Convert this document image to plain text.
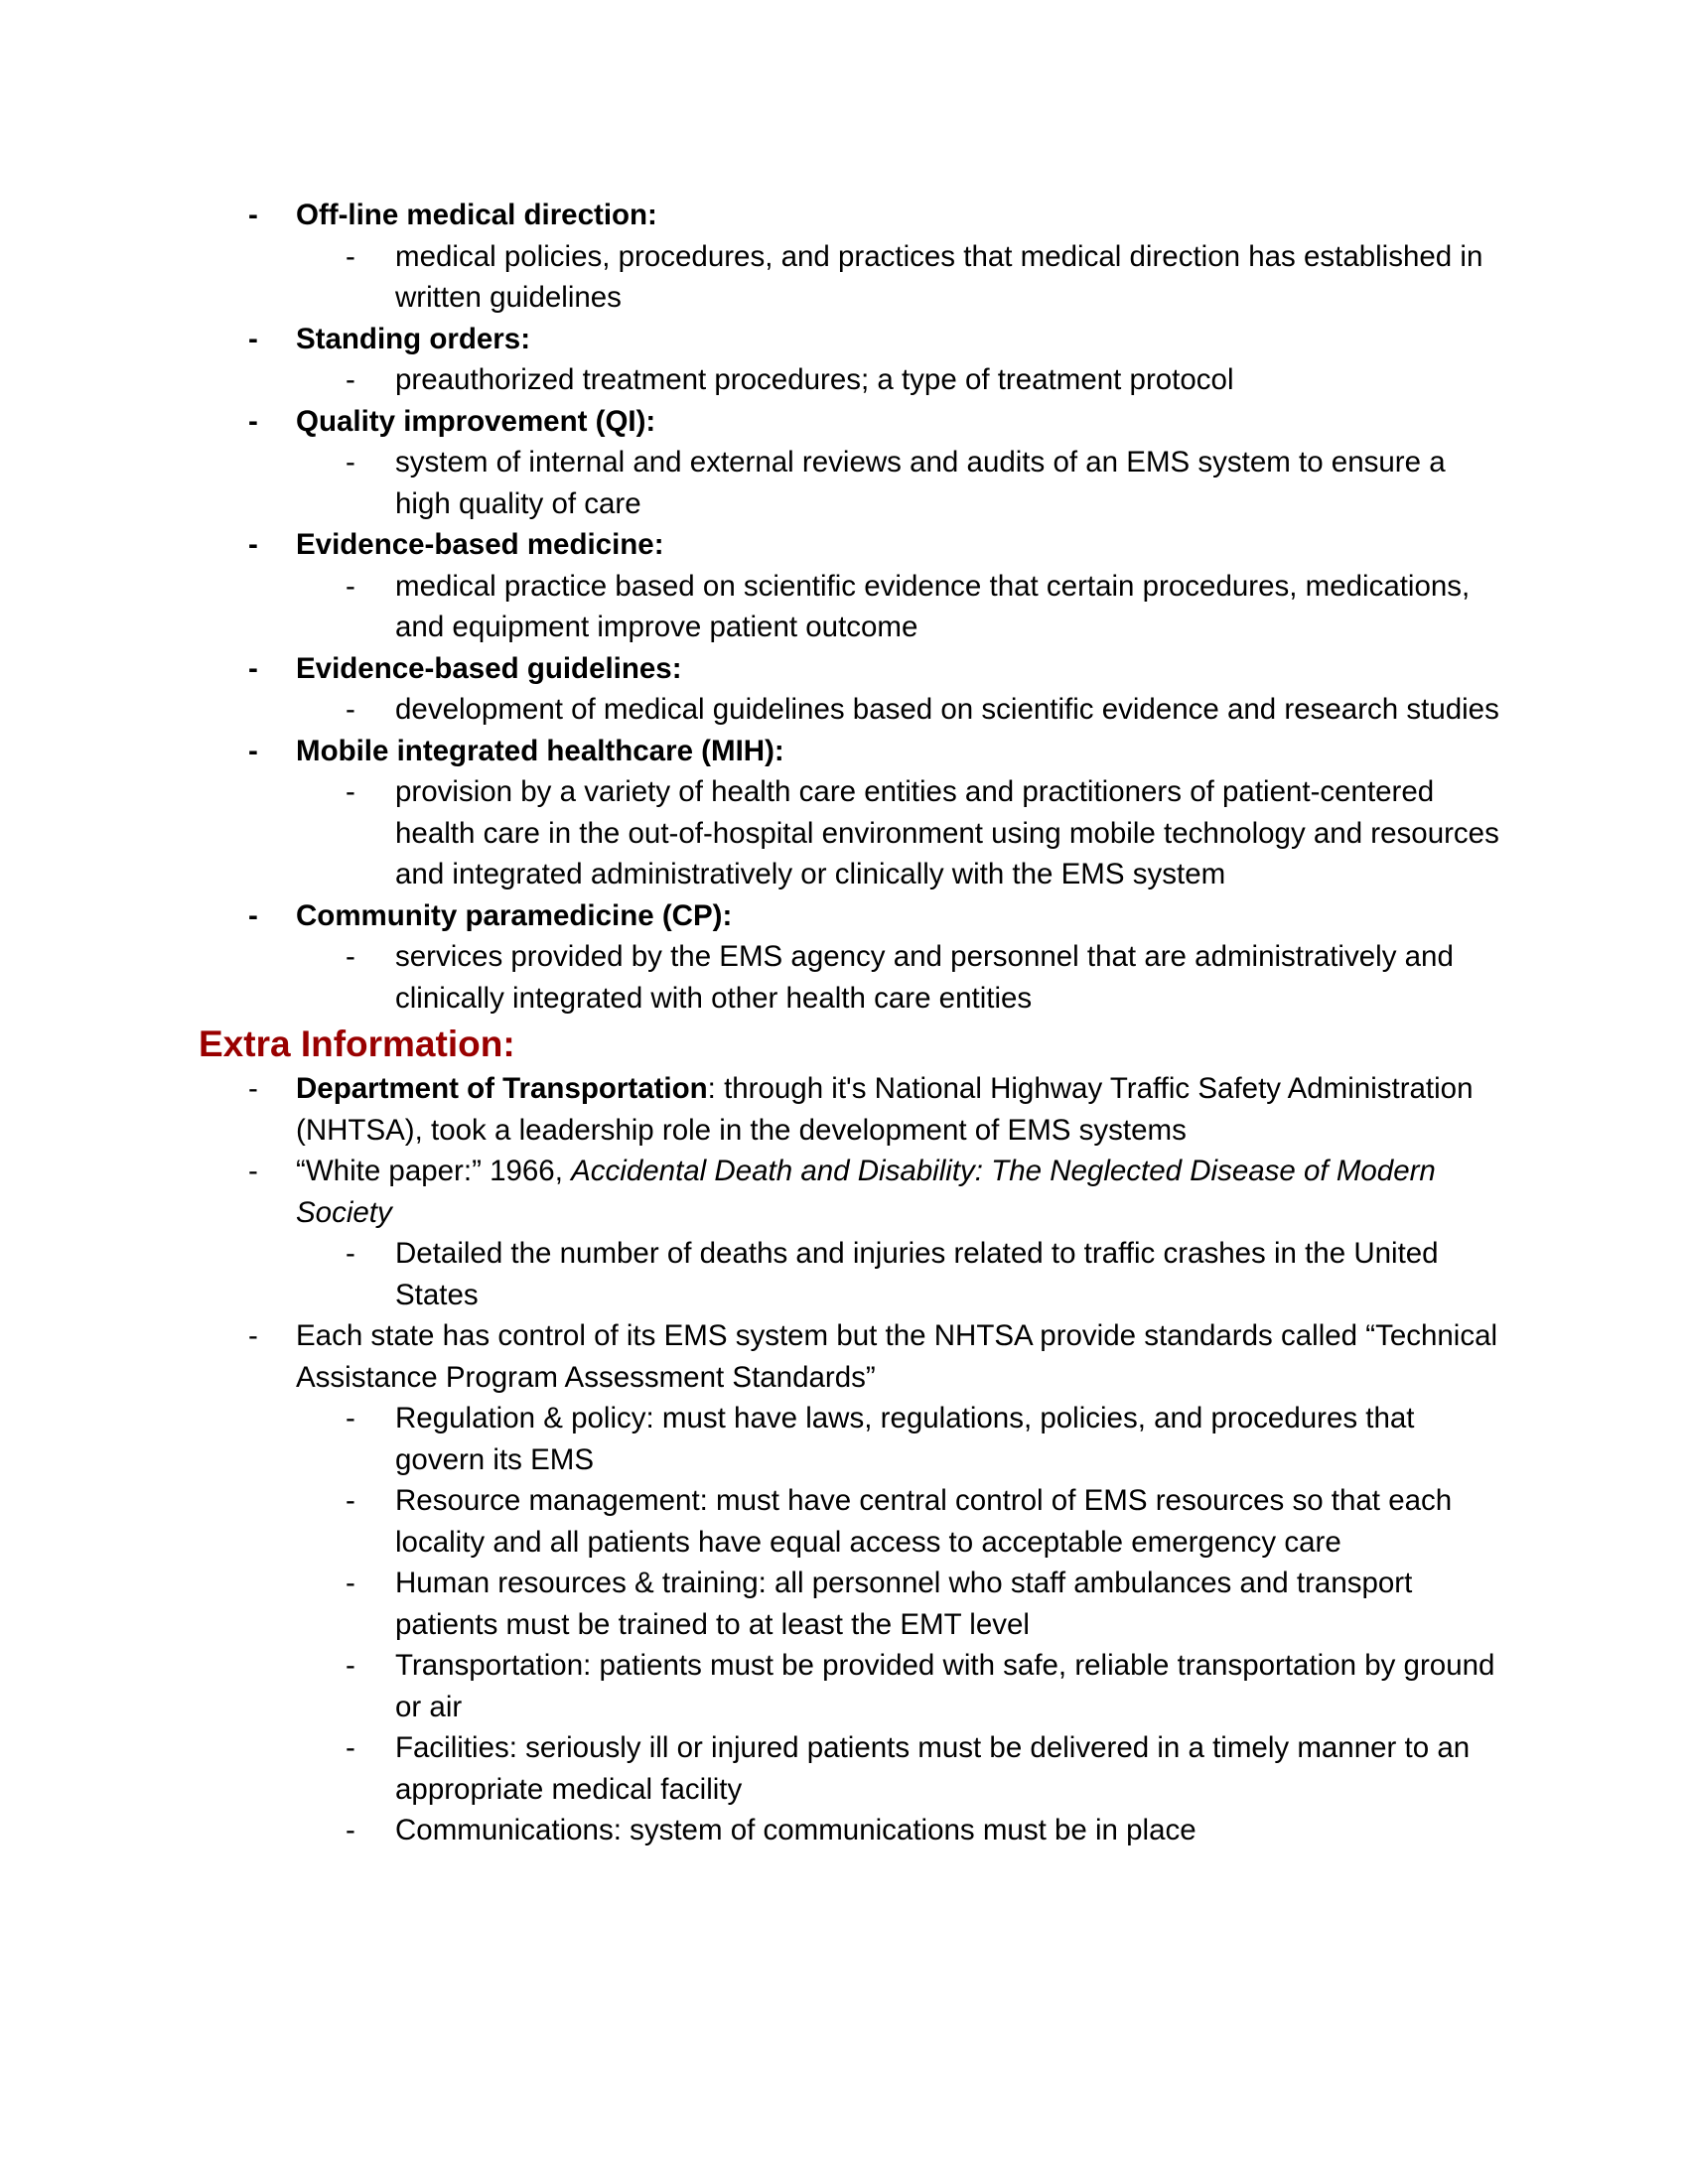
- Off-line medical direction:
- medical policies, procedures, and practices that medical direction has established in written guidelines
- Standing orders:
- preauthorized treatment procedures; a type of treatment protocol
- Quality improvement (QI):
- system of internal and external reviews and audits of an EMS system to ensure a high quality of care
- Evidence-based medicine:
- medical practice based on scientific evidence that certain procedures, medications, and equipment improve patient outcome
- Evidence-based guidelines:
- development of medical guidelines based on scientific evidence and research studies
- Mobile integrated healthcare (MIH):
- provision by a variety of health care entities and practitioners of patient-centered health care in the out-of-hospital environment using mobile technology and resources and integrated administratively or clinically with the EMS system
- Community paramedicine (CP):
- services provided by the EMS agency and personnel that are administratively and clinically integrated with other health care entities
Extra Information:
- Department of Transportation: through it's National Highway Traffic Safety Administration (NHTSA), took a leadership role in the development of EMS systems
- “White paper:” 1966, Accidental Death and Disability: The Neglected Disease of Modern Society
- Detailed the number of deaths and injuries related to traffic crashes in the United States
- Each state has control of its EMS system but the NHTSA provide standards called “Technical Assistance Program Assessment Standards”
- Regulation & policy: must have laws, regulations, policies, and procedures that govern its EMS
- Resource management: must have central control of EMS resources so that each locality and all patients have equal access to acceptable emergency care
- Human resources & training: all personnel who staff ambulances and transport patients must be trained to at least the EMT level
- Transportation: patients must be provided with safe, reliable transportation by ground or air
- Facilities: seriously ill or injured patients must be delivered in a timely manner to an appropriate medical facility
- Communications: system of communications must be in place
